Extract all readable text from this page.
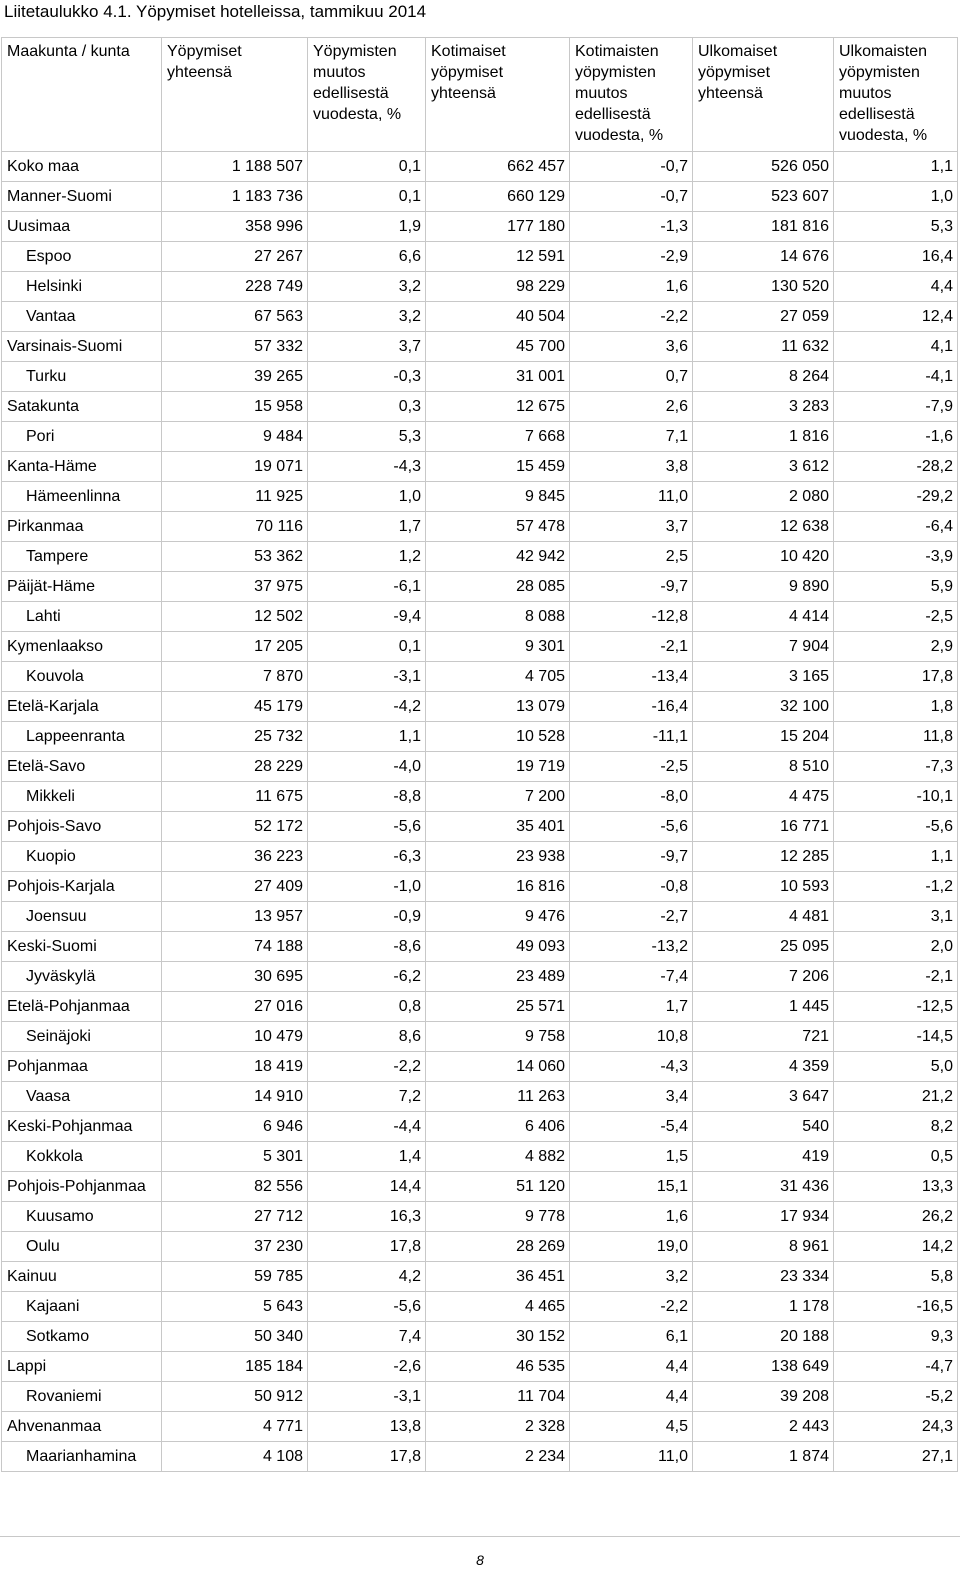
Liitetaulukko 4.1. Yöpymiset hotelleissa, tammikuu 2014
Maakunta / kunta	Yöpymiset yhteensä	Yöpymisten muutos edellisestä vuodesta, %	Kotimaiset yöpymiset yhteensä	Kotimaisten yöpymisten muutos edellisestä vuodesta, %	Ulkomaiset yöpymiset yhteensä	Ulkomaisten yöpymisten muutos edellisestä vuodesta, %
Koko maa	1 188 507	0,1	662 457	-0,7	526 050	1,1
Manner-Suomi	1 183 736	0,1	660 129	-0,7	523 607	1,0
Uusimaa	358 996	1,9	177 180	-1,3	181 816	5,3
Espoo	27 267	6,6	12 591	-2,9	14 676	16,4
Helsinki	228 749	3,2	98 229	1,6	130 520	4,4
Vantaa	67 563	3,2	40 504	-2,2	27 059	12,4
Varsinais-Suomi	57 332	3,7	45 700	3,6	11 632	4,1
Turku	39 265	-0,3	31 001	0,7	8 264	-4,1
Satakunta	15 958	0,3	12 675	2,6	3 283	-7,9
Pori	9 484	5,3	7 668	7,1	1 816	-1,6
Kanta-Häme	19 071	-4,3	15 459	3,8	3 612	-28,2
Hämeenlinna	11 925	1,0	9 845	11,0	2 080	-29,2
Pirkanmaa	70 116	1,7	57 478	3,7	12 638	-6,4
Tampere	53 362	1,2	42 942	2,5	10 420	-3,9
Päijät-Häme	37 975	-6,1	28 085	-9,7	9 890	5,9
Lahti	12 502	-9,4	8 088	-12,8	4 414	-2,5
Kymenlaakso	17 205	0,1	9 301	-2,1	7 904	2,9
Kouvola	7 870	-3,1	4 705	-13,4	3 165	17,8
Etelä-Karjala	45 179	-4,2	13 079	-16,4	32 100	1,8
Lappeenranta	25 732	1,1	10 528	-11,1	15 204	11,8
Etelä-Savo	28 229	-4,0	19 719	-2,5	8 510	-7,3
Mikkeli	11 675	-8,8	7 200	-8,0	4 475	-10,1
Pohjois-Savo	52 172	-5,6	35 401	-5,6	16 771	-5,6
Kuopio	36 223	-6,3	23 938	-9,7	12 285	1,1
Pohjois-Karjala	27 409	-1,0	16 816	-0,8	10 593	-1,2
Joensuu	13 957	-0,9	9 476	-2,7	4 481	3,1
Keski-Suomi	74 188	-8,6	49 093	-13,2	25 095	2,0
Jyväskylä	30 695	-6,2	23 489	-7,4	7 206	-2,1
Etelä-Pohjanmaa	27 016	0,8	25 571	1,7	1 445	-12,5
Seinäjoki	10 479	8,6	9 758	10,8	721	-14,5
Pohjanmaa	18 419	-2,2	14 060	-4,3	4 359	5,0
Vaasa	14 910	7,2	11 263	3,4	3 647	21,2
Keski-Pohjanmaa	6 946	-4,4	6 406	-5,4	540	8,2
Kokkola	5 301	1,4	4 882	1,5	419	0,5
Pohjois-Pohjanmaa	82 556	14,4	51 120	15,1	31 436	13,3
Kuusamo	27 712	16,3	9 778	1,6	17 934	26,2
Oulu	37 230	17,8	28 269	19,0	8 961	14,2
Kainuu	59 785	4,2	36 451	3,2	23 334	5,8
Kajaani	5 643	-5,6	4 465	-2,2	1 178	-16,5
Sotkamo	50 340	7,4	30 152	6,1	20 188	9,3
Lappi	185 184	-2,6	46 535	4,4	138 649	-4,7
Rovaniemi	50 912	-3,1	11 704	4,4	39 208	-5,2
Ahvenanmaa	4 771	13,8	2 328	4,5	2 443	24,3
Maarianhamina	4 108	17,8	2 234	11,0	1 874	27,1
8
